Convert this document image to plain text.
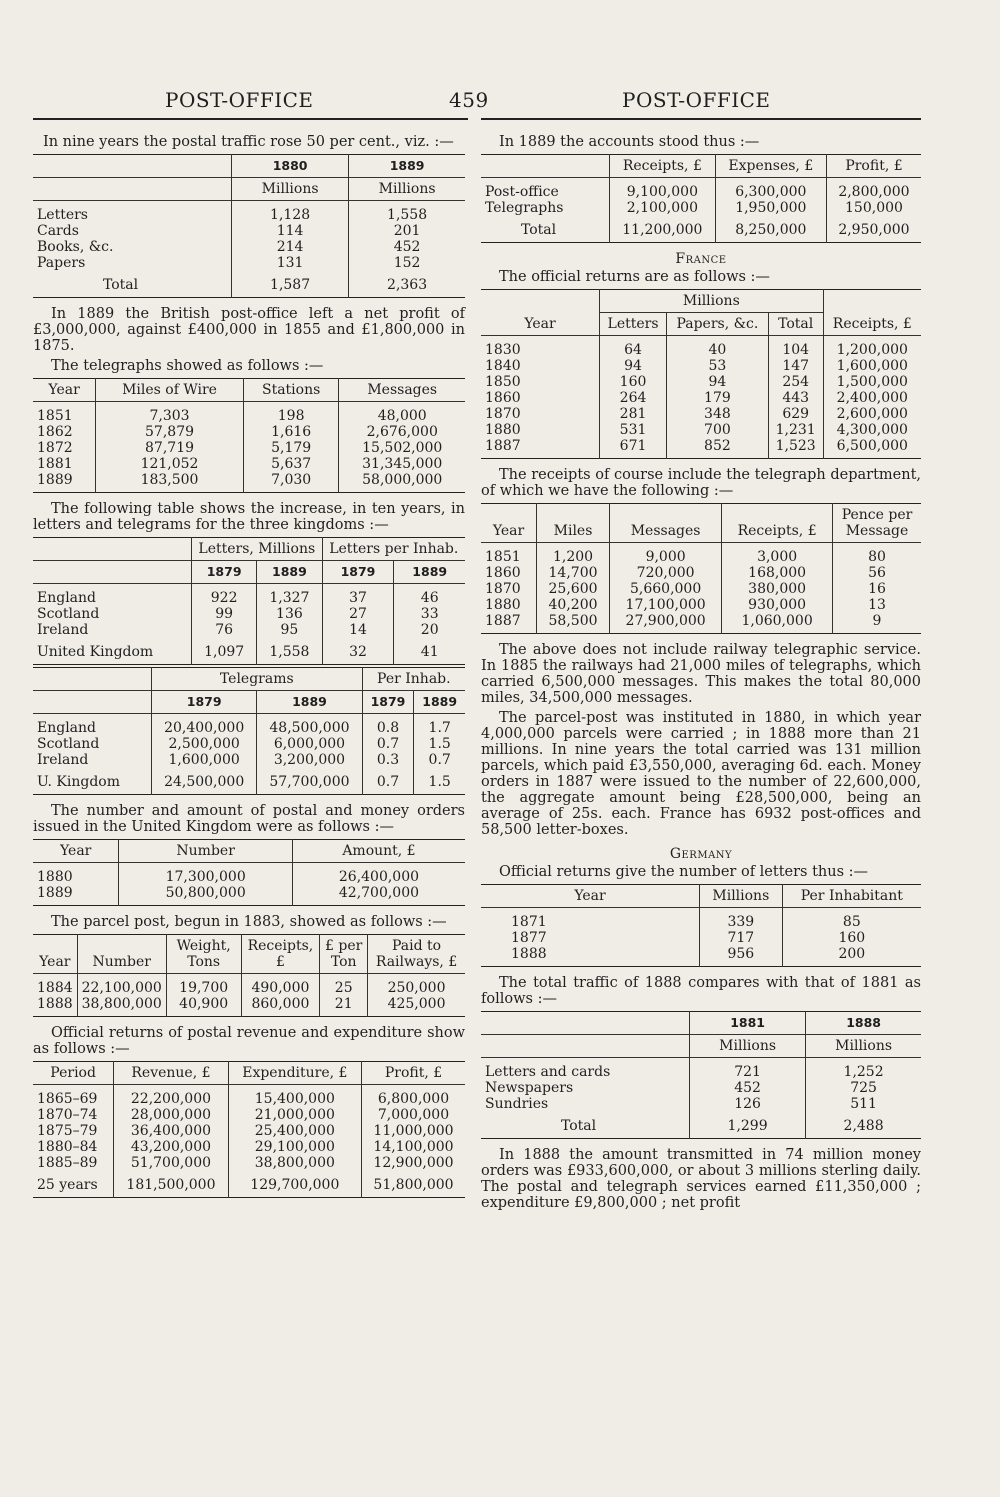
POST-OFFICE	459	POST-OFFICE

In nine years the postal traffic rose 50 per cent., viz. :—

	1880	1889
	Millions	Millions
Letters	1,128	1,558
Cards	114	201
Books, &c.	214	452
Papers	131	152
Total	1,587	2,363

In 1889 the British post-office left a net profit of £3,000,000, against £400,000 in 1855 and £1,800,000 in 1875.

The telegraphs showed as follows :—

Year	Miles of Wire	Stations	Messages
1851	7,303	198	48,000
1862	57,879	1,616	2,676,000
1872	87,719	5,179	15,502,000
1881	121,052	5,637	31,345,000
1889	183,500	7,030	58,000,000

The following table shows the increase, in ten years, in letters and telegrams for the three kingdoms :—

	Letters, Millions		Letters per Inhab.	
	1879	1889	1879	1889
England	922	1,327	37	46
Scotland	99	136	27	33
Ireland	76	95	14	20
United Kingdom	1,097	1,558	32	41
	Telegrams		Per Inhab.	
	1879	1889	1879	1889
England	20,400,000	48,500,000	0.8	1.7
Scotland	2,500,000	6,000,000	0.7	1.5
Ireland	1,600,000	3,200,000	0.3	0.7
U. Kingdom	24,500,000	57,700,000	0.7	1.5

The number and amount of postal and money orders issued in the United Kingdom were as follows :—

Year	Number	Amount, £
1880	17,300,000	26,400,000
1889	50,800,000	42,700,000

The parcel post, begun in 1883, showed as follows :—

Year	Number	Weight, Tons	Receipts, £	£ per Ton	Paid to Railways, £
1884	22,100,000	19,700	490,000	25	250,000
1888	38,800,000	40,900	860,000	21	425,000

Official returns of postal revenue and expenditure show as follows :—

Period	Revenue, £	Expenditure, £	Profit, £
1865–69	22,200,000	15,400,000	6,800,000
1870–74	28,000,000	21,000,000	7,000,000
1875–79	36,400,000	25,400,000	11,000,000
1880–84	43,200,000	29,100,000	14,100,000
1885–89	51,700,000	38,800,000	12,900,000
25 years	181,500,000	129,700,000	51,800,000

In 1889 the accounts stood thus :—

	Receipts, £	Expenses, £	Profit, £
Post-office	9,100,000	6,300,000	2,800,000
Telegraphs	2,100,000	1,950,000	150,000
Total	11,200,000	8,250,000	2,950,000
France

The official returns are as follows :—

Year	Millions			Receipts, £
	Letters	Papers, &c.	Total	
1830	64	40	104	1,200,000
1840	94	53	147	1,600,000
1850	160	94	254	1,500,000
1860	264	179	443	2,400,000
1870	281	348	629	2,600,000
1880	531	700	1,231	4,300,000
1887	671	852	1,523	6,500,000

The receipts of course include the telegraph department, of which we have the following :—

Year	Miles	Messages	Receipts, £	Pence per Message
1851	1,200	9,000	3,000	80
1860	14,700	720,000	168,000	56
1870	25,600	5,660,000	380,000	16
1880	40,200	17,100,000	930,000	13
1887	58,500	27,900,000	1,060,000	9

The above does not include railway telegraphic service. In 1885 the railways had 21,000 miles of telegraphs, which carried 6,500,000 messages. This makes the total 80,000 miles, 34,500,000 messages.

The parcel-post was instituted in 1880, in which year 4,000,000 parcels were carried ; in 1888 more than 21 millions. In nine years the total carried was 131 million parcels, which paid £3,550,000, averaging 6d. each. Money orders in 1887 were issued to the number of 22,600,000, the aggregate amount being £28,500,000, being an average of 25s. each. France has 6932 post-offices and 58,500 letter-boxes.

Germany

Official returns give the number of letters thus :—

Year	Millions	Per Inhabitant
1871	339	85
1877	717	160
1888	956	200

The total traffic of 1888 compares with that of 1881 as follows :—

	1881	1888
	Millions	Millions
Letters and cards	721	1,252
Newspapers	452	725
Sundries	126	511
Total	1,299	2,488

In 1888 the amount transmitted in 74 million money orders was £933,600,000, or about 3 millions sterling daily. The postal and telegraph services earned £11,350,000 ; expenditure £9,800,000 ; net profit
